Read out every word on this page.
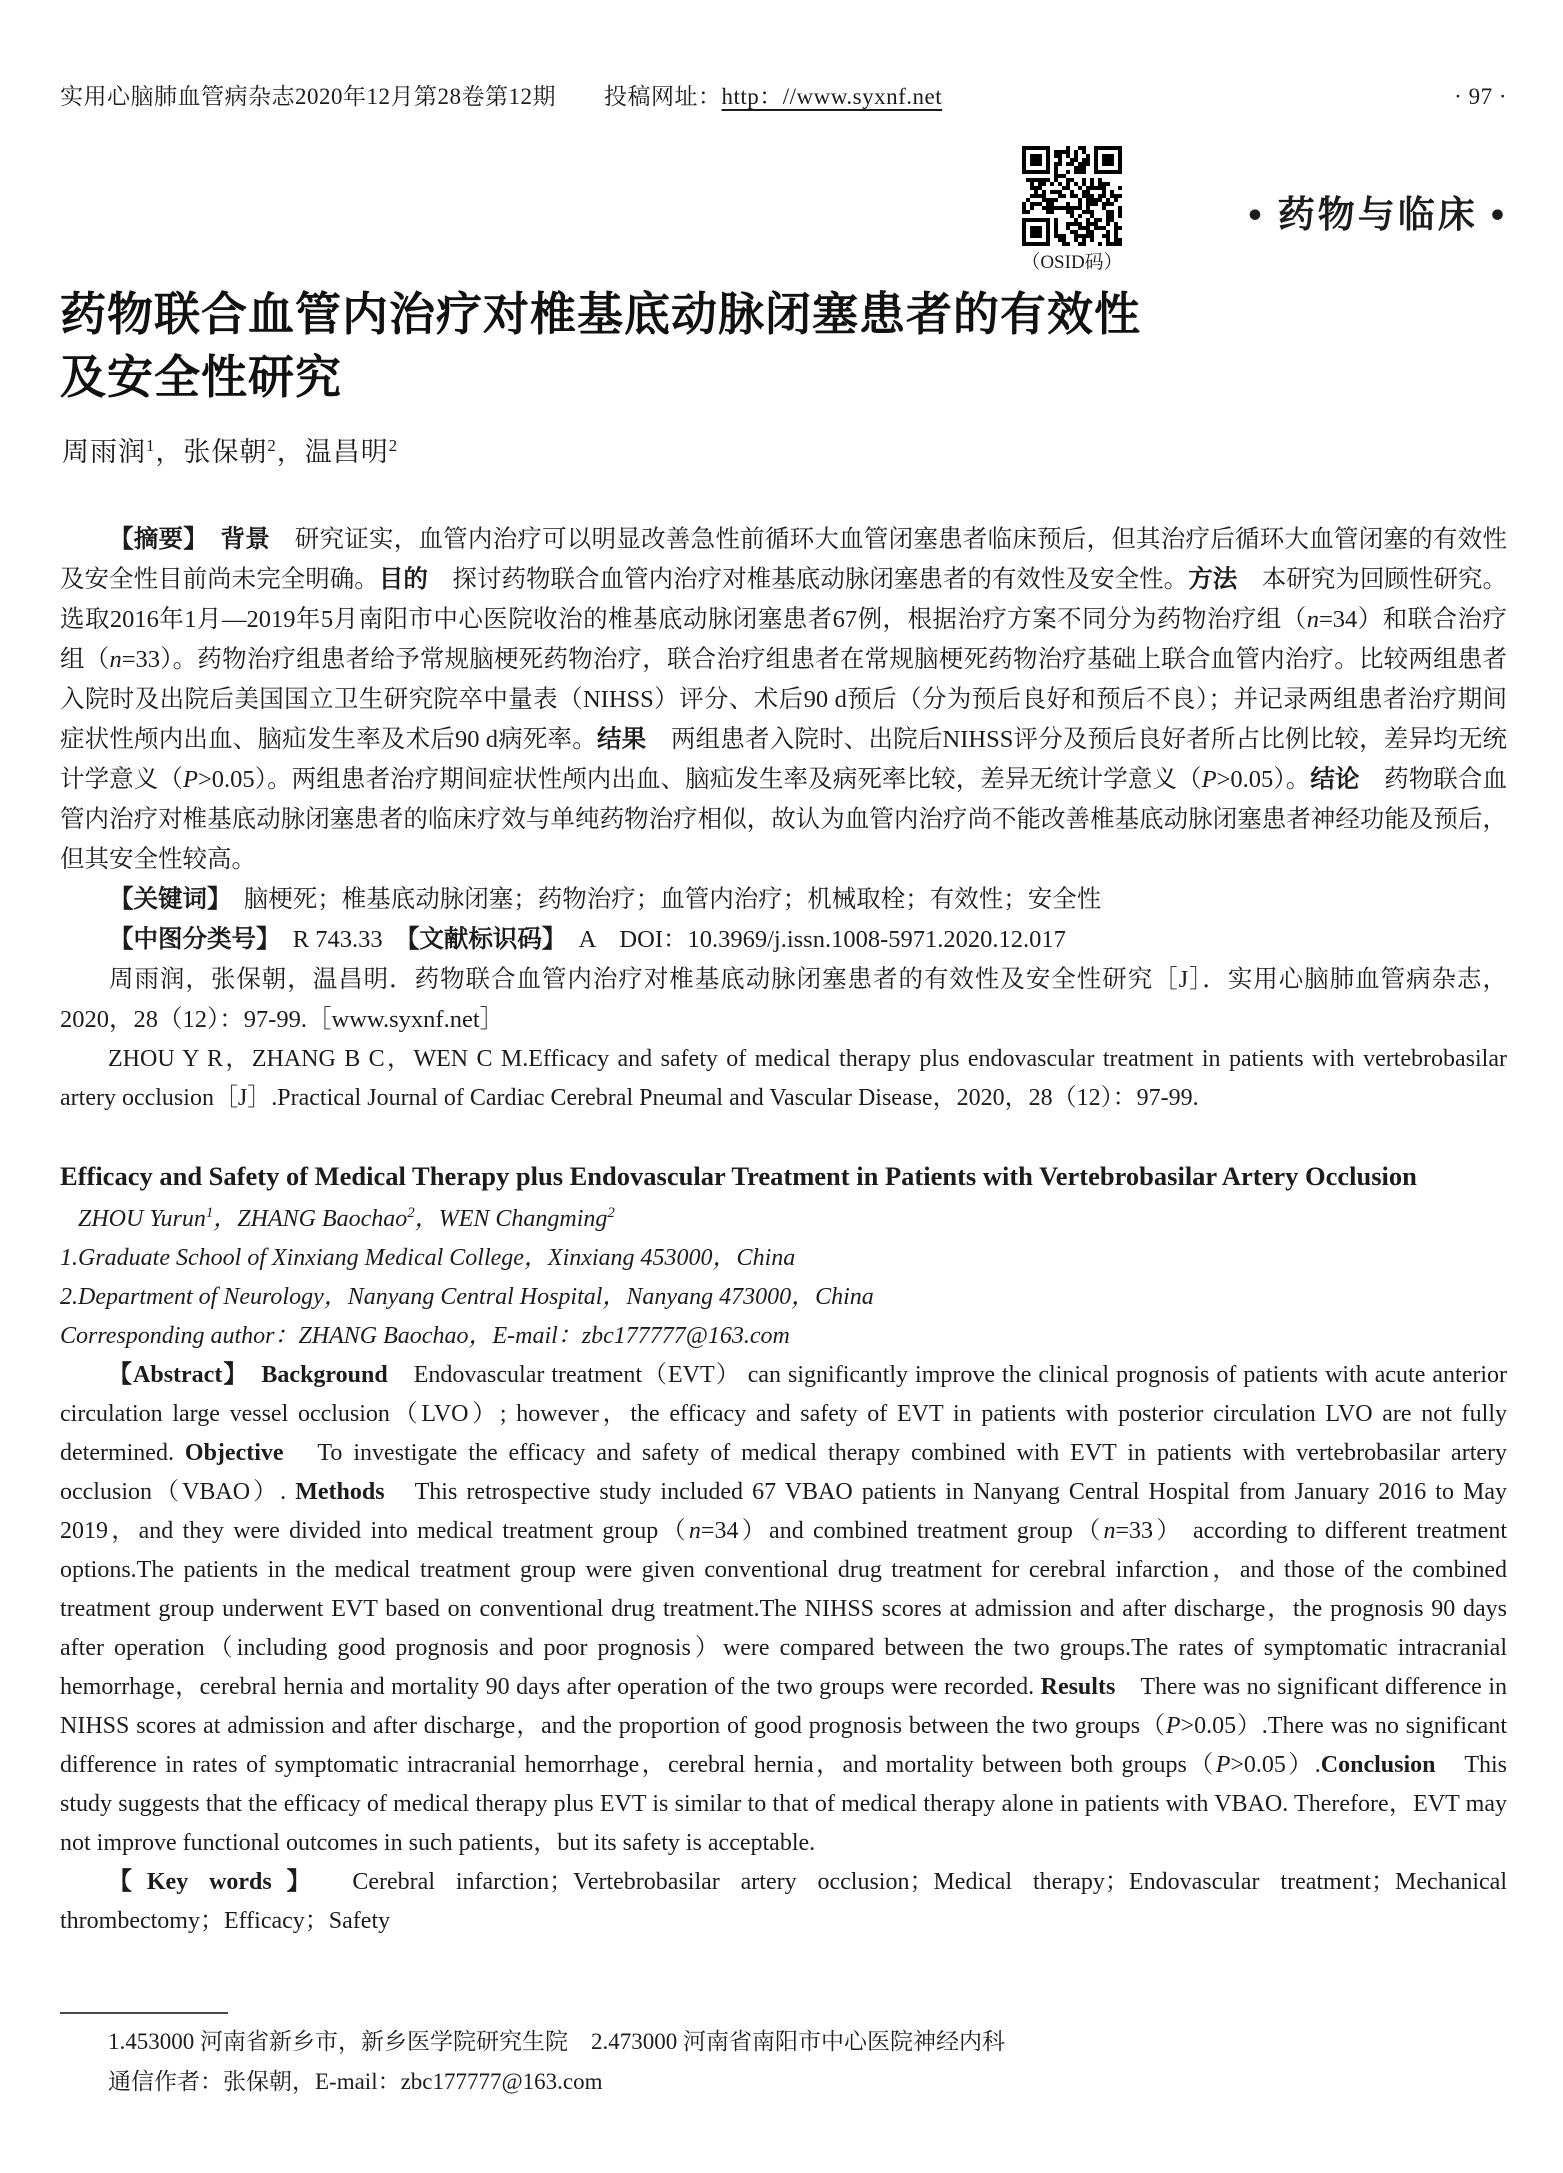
实用心脑肺血管病杂志2020年12月第28卷第12期 投稿网址：http：//www.syxnf.net	· 97 ·
（OSID码）
• 药物与临床 •
药物联合血管内治疗对椎基底动脉闭塞患者的有效性
及安全性研究
周雨润$^1$，张保朝$^2$，温昌明$^2$

【摘要】　背景　研究证实，血管内治疗可以明显改善急性前循环大血管闭塞患者临床预后，但其治疗后循环大血管闭塞的有效性及安全性目前尚未完全明确。目的　探讨药物联合血管内治疗对椎基底动脉闭塞患者的有效性及安全性。方法　本研究为回顾性研究。选取2016年1月—2019年5月南阳市中心医院收治的椎基底动脉闭塞患者67例，根据治疗方案不同分为药物治疗组（n=34）和联合治疗组（n=33）。药物治疗组患者给予常规脑梗死药物治疗，联合治疗组患者在常规脑梗死药物治疗基础上联合血管内治疗。比较两组患者入院时及出院后美国国立卫生研究院卒中量表（NIHSS）评分、术后90 d预后（分为预后良好和预后不良）；并记录两组患者治疗期间症状性颅内出血、脑疝发生率及术后90 d病死率。结果　两组患者入院时、出院后NIHSS评分及预后良好者所占比例比较，差异均无统计学意义（P>0.05）。两组患者治疗期间症状性颅内出血、脑疝发生率及病死率比较，差异无统计学意义（P>0.05）。结论　药物联合血管内治疗对椎基底动脉闭塞患者的临床疗效与单纯药物治疗相似，故认为血管内治疗尚不能改善椎基底动脉闭塞患者神经功能及预后，但其安全性较高。

【关键词】　脑梗死；椎基底动脉闭塞；药物治疗；血管内治疗；机械取栓；有效性；安全性

【中图分类号】　R 743.33　【文献标识码】　A　DOI：10.3969/j.issn.1008-5971.2020.12.017

周雨润，张保朝，温昌明．药物联合血管内治疗对椎基底动脉闭塞患者的有效性及安全性研究［J］．实用心脑肺血管病杂志，2020，28（12）：97-99.［www.syxnf.net］

ZHOU Y R，ZHANG B C，WEN C M.Efficacy and safety of medical therapy plus endovascular treatment in patients with vertebrobasilar artery occlusion［J］.Practical Journal of Cardiac Cerebral Pneumal and Vascular Disease，2020，28（12）：97-99.

Efficacy and Safety of Medical Therapy plus Endovascular Treatment in Patients with Vertebrobasilar Artery Occlusion

ZHOU Yurun$^1$，ZHANG Baochao$^2$，WEN Changming$^2$

1.Graduate School of Xinxiang Medical College，Xinxiang 453000，China

2.Department of Neurology，Nanyang Central Hospital，Nanyang 473000，China

Corresponding author：ZHANG Baochao，E-mail：zbc177777@163.com

【Abstract】　 Background　Endovascular treatment（EVT） can significantly improve the clinical prognosis of patients with acute anterior circulation large vessel occlusion（LVO）; however，the efficacy and safety of EVT in patients with posterior circulation LVO are not fully determined. Objective　To investigate the efficacy and safety of medical therapy combined with EVT in patients with vertebrobasilar artery occlusion（VBAO）. Methods　This retrospective study included 67 VBAO patients in Nanyang Central Hospital from January 2016 to May 2019，and they were divided into medical treatment group（n=34）and combined treatment group（n=33） according to different treatment options.The patients in the medical treatment group were given conventional drug treatment for cerebral infarction，and those of the combined treatment group underwent EVT based on conventional drug treatment.The NIHSS scores at admission and after discharge，the prognosis 90 days after operation（including good prognosis and poor prognosis）were compared between the two groups.The rates of symptomatic intracranial hemorrhage，cerebral hernia and mortality 90 days after operation of the two groups were recorded. Results　There was no significant difference in NIHSS scores at admission and after discharge，and the proportion of good prognosis between the two groups（P>0.05）.There was no significant difference in rates of symptomatic intracranial hemorrhage，cerebral hernia，and mortality between both groups（P>0.05）.Conclusion　This study suggests that the efficacy of medical therapy plus EVT is similar to that of medical therapy alone in patients with VBAO. Therefore，EVT may not improve functional outcomes in such patients，but its safety is acceptable.

【Key words】　Cerebral infarction；Vertebrobasilar artery occlusion；Medical therapy；Endovascular treatment；Mechanical thrombectomy；Efficacy；Safety

1.453000 河南省新乡市，新乡医学院研究生院　2.473000 河南省南阳市中心医院神经内科

通信作者：张保朝，E-mail：zbc177777@163.com
